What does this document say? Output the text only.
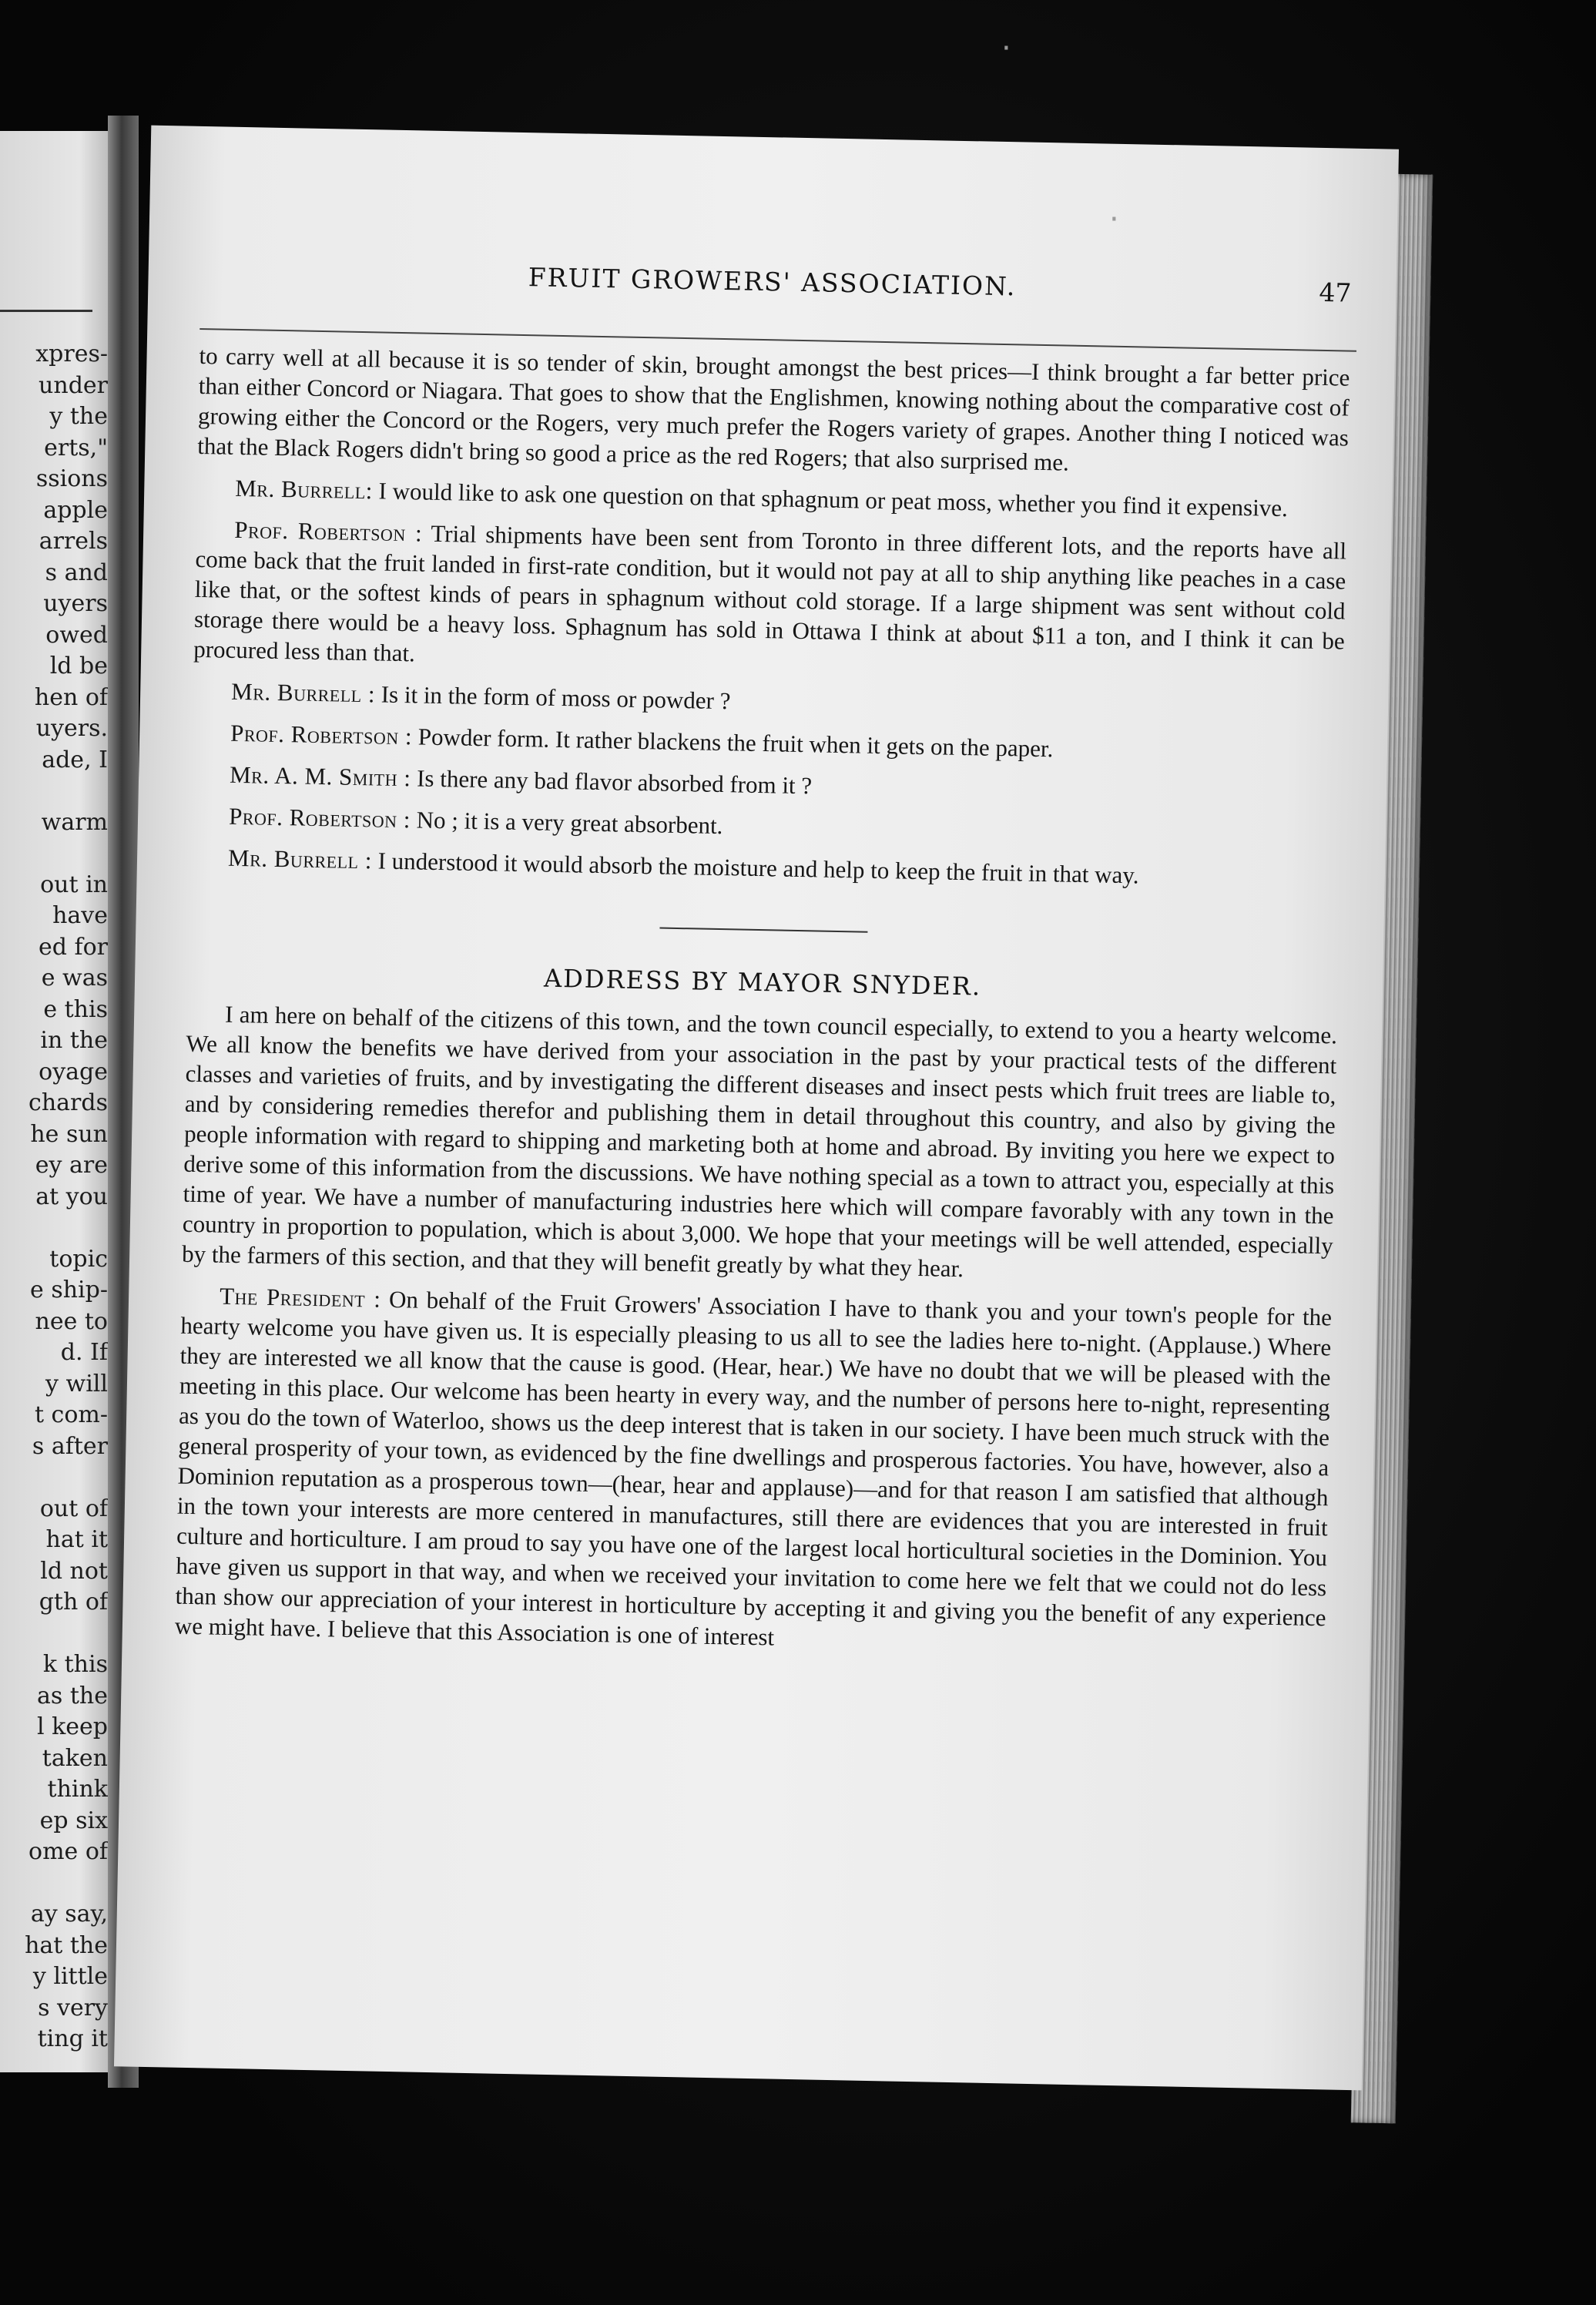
xpres-
under
y the
erts,"
ssions
apple
arrels
s and
uyers
owed
ld be
hen of
uyers.
ade, I
warm
out in
have
ed for
e was
e this
in the
oyage
chards
he sun
ey are
at you
topic
e ship-
nee to
d. If
y will
t com-
s after
out of
hat it
ld not
gth of
k this
as the
l keep
taken
think
ep six
ome of
ay say,
hat the
y little
s very
ting it
FRUIT GROWERS' ASSOCIATION.	47

to carry well at all because it is so tender of skin, brought amongst the best prices—I think brought a far better price than either Concord or Niagara. That goes to show that the Englishmen, knowing nothing about the comparative cost of growing either the Concord or the Rogers, very much prefer the Rogers variety of grapes. Another thing I noticed was that the Black Rogers didn't bring so good a price as the red Rogers; that also surprised me.

Mr. Burrell: I would like to ask one question on that sphagnum or peat moss, whether you find it expensive.

Prof. Robertson : Trial shipments have been sent from Toronto in three different lots, and the reports have all come back that the fruit landed in first-rate condition, but it would not pay at all to ship anything like peaches in a case like that, or the softest kinds of pears in sphagnum without cold storage. If a large shipment was sent without cold storage there would be a heavy loss. Sphagnum has sold in Ottawa I think at about $11 a ton, and I think it can be procured less than that.

Mr. Burrell : Is it in the form of moss or powder ?

Prof. Robertson : Powder form. It rather blackens the fruit when it gets on the paper.

Mr. A. M. Smith : Is there any bad flavor absorbed from it ?

Prof. Robertson : No ; it is a very great absorbent.

Mr. Burrell : I understood it would absorb the moisture and help to keep the fruit in that way.

ADDRESS BY MAYOR SNYDER.

I am here on behalf of the citizens of this town, and the town council especially, to extend to you a hearty welcome. We all know the benefits we have derived from your association in the past by your practical tests of the different classes and varieties of fruits, and by investigating the different diseases and insect pests which fruit trees are liable to, and by considering remedies therefor and publishing them in detail throughout this country, and also by giving the people information with regard to shipping and marketing both at home and abroad. By inviting you here we expect to derive some of this information from the discussions. We have nothing special as a town to attract you, especially at this time of year. We have a number of manufacturing industries here which will compare favorably with any town in the country in proportion to population, which is about 3,000. We hope that your meetings will be well attended, especially by the farmers of this section, and that they will benefit greatly by what they hear.

The President : On behalf of the Fruit Growers' Association I have to thank you and your town's people for the hearty welcome you have given us. It is especially pleasing to us all to see the ladies here to-night. (Applause.) Where they are interested we all know that the cause is good. (Hear, hear.) We have no doubt that we will be pleased with the meeting in this place. Our welcome has been hearty in every way, and the number of persons here to-night, representing as you do the town of Waterloo, shows us the deep interest that is taken in our society. I have been much struck with the general prosperity of your town, as evidenced by the fine dwellings and prosperous factories. You have, however, also a Dominion reputation as a prosperous town—(hear, hear and applause)—and for that reason I am satisfied that although in the town your interests are more centered in manufactures, still there are evidences that you are interested in fruit culture and horticulture. I am proud to say you have one of the largest local horticultural societies in the Dominion. You have given us support in that way, and when we received your invitation to come here we felt that we could not do less than show our appreciation of your interest in horticulture by accepting it and giving you the benefit of any experience we might have. I believe that this Association is one of interest

·
·
